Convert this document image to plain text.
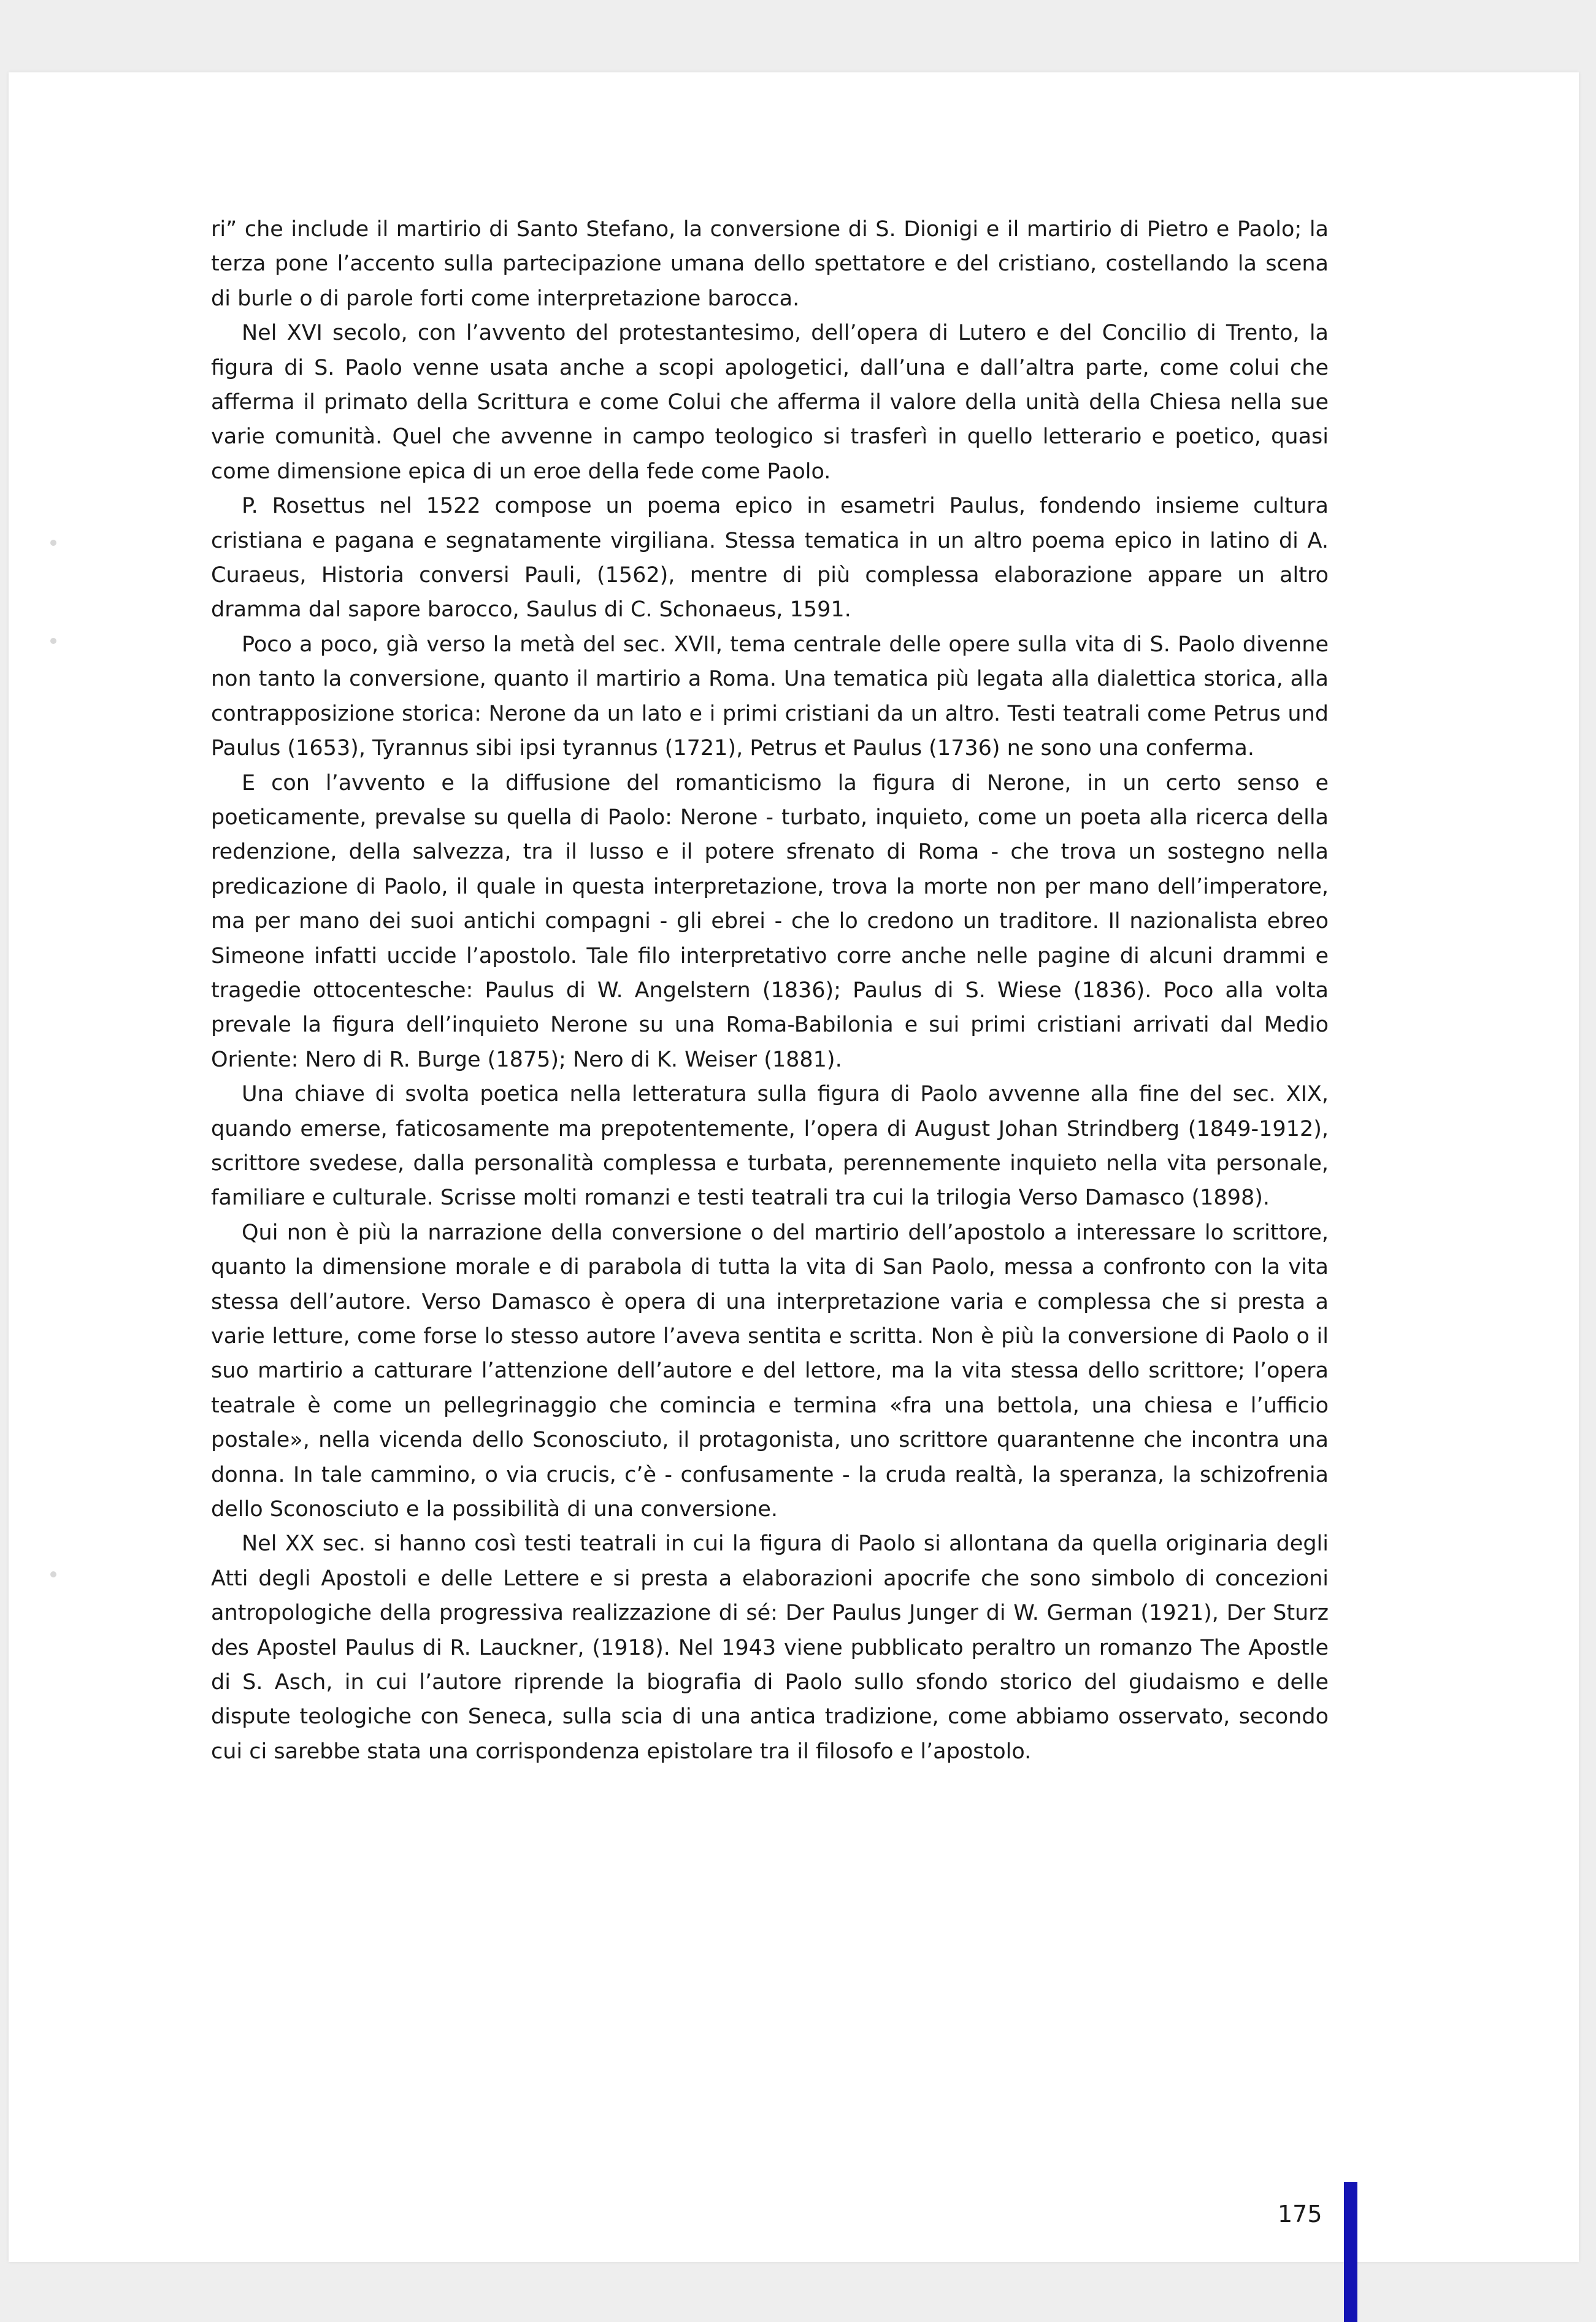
ri” che include il martirio di Santo Stefano, la conversione di S. Dionigi e il martirio di Pietro e Paolo; la terza pone l’accento sulla partecipazione umana dello spettatore e del cristiano, costellando la scena di burle o di parole forti come interpretazione barocca.

Nel XVI secolo, con l’avvento del protestantesimo, dell’opera di Lutero e del Concilio di Trento, la figura di S. Paolo venne usata anche a scopi apologetici, dall’una e dall’altra parte, come colui che afferma il primato della Scrittura e come Colui che afferma il valore della unità della Chiesa nella sue varie comunità. Quel che avvenne in campo teologico si trasferì in quello letterario e poetico, quasi come dimensione epica di un eroe della fede come Paolo.

P. Rosettus nel 1522 compose un poema epico in esametri Paulus, fondendo insieme cultura cristiana e pagana e segnatamente virgiliana. Stessa tematica in un altro poema epico in latino di A. Curaeus, Historia conversi Pauli, (1562), mentre di più complessa elaborazione appare un altro dramma dal sapore barocco, Saulus di C. Schonaeus, 1591.

Poco a poco, già verso la metà del sec. XVII, tema centrale delle opere sulla vita di S. Paolo divenne non tanto la conversione, quanto il martirio a Roma. Una tematica più legata alla dialettica storica, alla contrapposizione storica: Nerone da un lato e i primi cristiani da un altro. Testi teatrali come Petrus und Paulus (1653), Tyrannus sibi ipsi tyrannus (1721), Petrus et Paulus (1736) ne sono una conferma.

E con l’avvento e la diffusione del romanticismo la figura di Nerone, in un certo senso e poeticamente, prevalse su quella di Paolo: Nerone - turbato, inquieto, come un poeta alla ricerca della redenzione, della salvezza, tra il lusso e il potere sfrenato di Roma - che trova un sostegno nella predicazione di Paolo, il quale in questa interpretazione, trova la morte non per mano dell’imperatore, ma per mano dei suoi antichi compagni - gli ebrei - che lo credono un traditore. Il nazionalista ebreo Simeone infatti uccide l’apostolo. Tale filo interpretativo corre anche nelle pagine di alcuni drammi e tragedie ottocentesche: Paulus di W. Angelstern (1836); Paulus di S. Wiese (1836). Poco alla volta prevale la figura dell’inquieto Nerone su una Roma-Babilonia e sui primi cristiani arrivati dal Medio Oriente: Nero di R. Burge (1875); Nero di K. Weiser (1881).

Una chiave di svolta poetica nella letteratura sulla figura di Paolo avvenne alla fine del sec. XIX, quando emerse, faticosamente ma prepotentemente, l’opera di August Johan Strindberg (1849-1912), scrittore svedese, dalla personalità complessa e turbata, perennemente inquieto nella vita personale, familiare e culturale. Scrisse molti romanzi e testi teatrali tra cui la trilogia Verso Damasco (1898).

Qui non è più la narrazione della conversione o del martirio dell’apostolo a interessare lo scrittore, quanto la dimensione morale e di parabola di tutta la vita di San Paolo, messa a confronto con la vita stessa dell’autore. Verso Damasco è opera di una interpretazione varia e complessa che si presta a varie letture, come forse lo stesso autore l’aveva sentita e scritta. Non è più la conversione di Paolo o il suo martirio a catturare l’attenzione dell’autore e del lettore, ma la vita stessa dello scrittore; l’opera teatrale è come un pellegrinaggio che comincia e termina «fra una bettola, una chiesa e l’ufficio postale», nella vicenda dello Sconosciuto, il protagonista, uno scrittore quarantenne che incontra una donna. In tale cammino, o via crucis, c’è - confusamente - la cruda realtà, la speranza, la schizofrenia dello Sconosciuto e la possibilità di una conversione.

Nel XX sec. si hanno così testi teatrali in cui la figura di Paolo si allontana da quella originaria degli Atti degli Apostoli e delle Lettere e si presta a elaborazioni apocrife che sono simbolo di concezioni antropologiche della progressiva realizzazione di sé: Der Paulus Junger di W. German (1921), Der Sturz des Apostel Paulus di R. Lauckner, (1918). Nel 1943 viene pubblicato peraltro un romanzo The Apostle di S. Asch, in cui l’autore riprende la biografia di Paolo sullo sfondo storico del giudaismo e delle dispute teologiche con Seneca, sulla scia di una antica tradizione, come abbiamo osservato, secondo cui ci sarebbe stata una corrispondenza epistolare tra il filosofo e l’apostolo.

175
